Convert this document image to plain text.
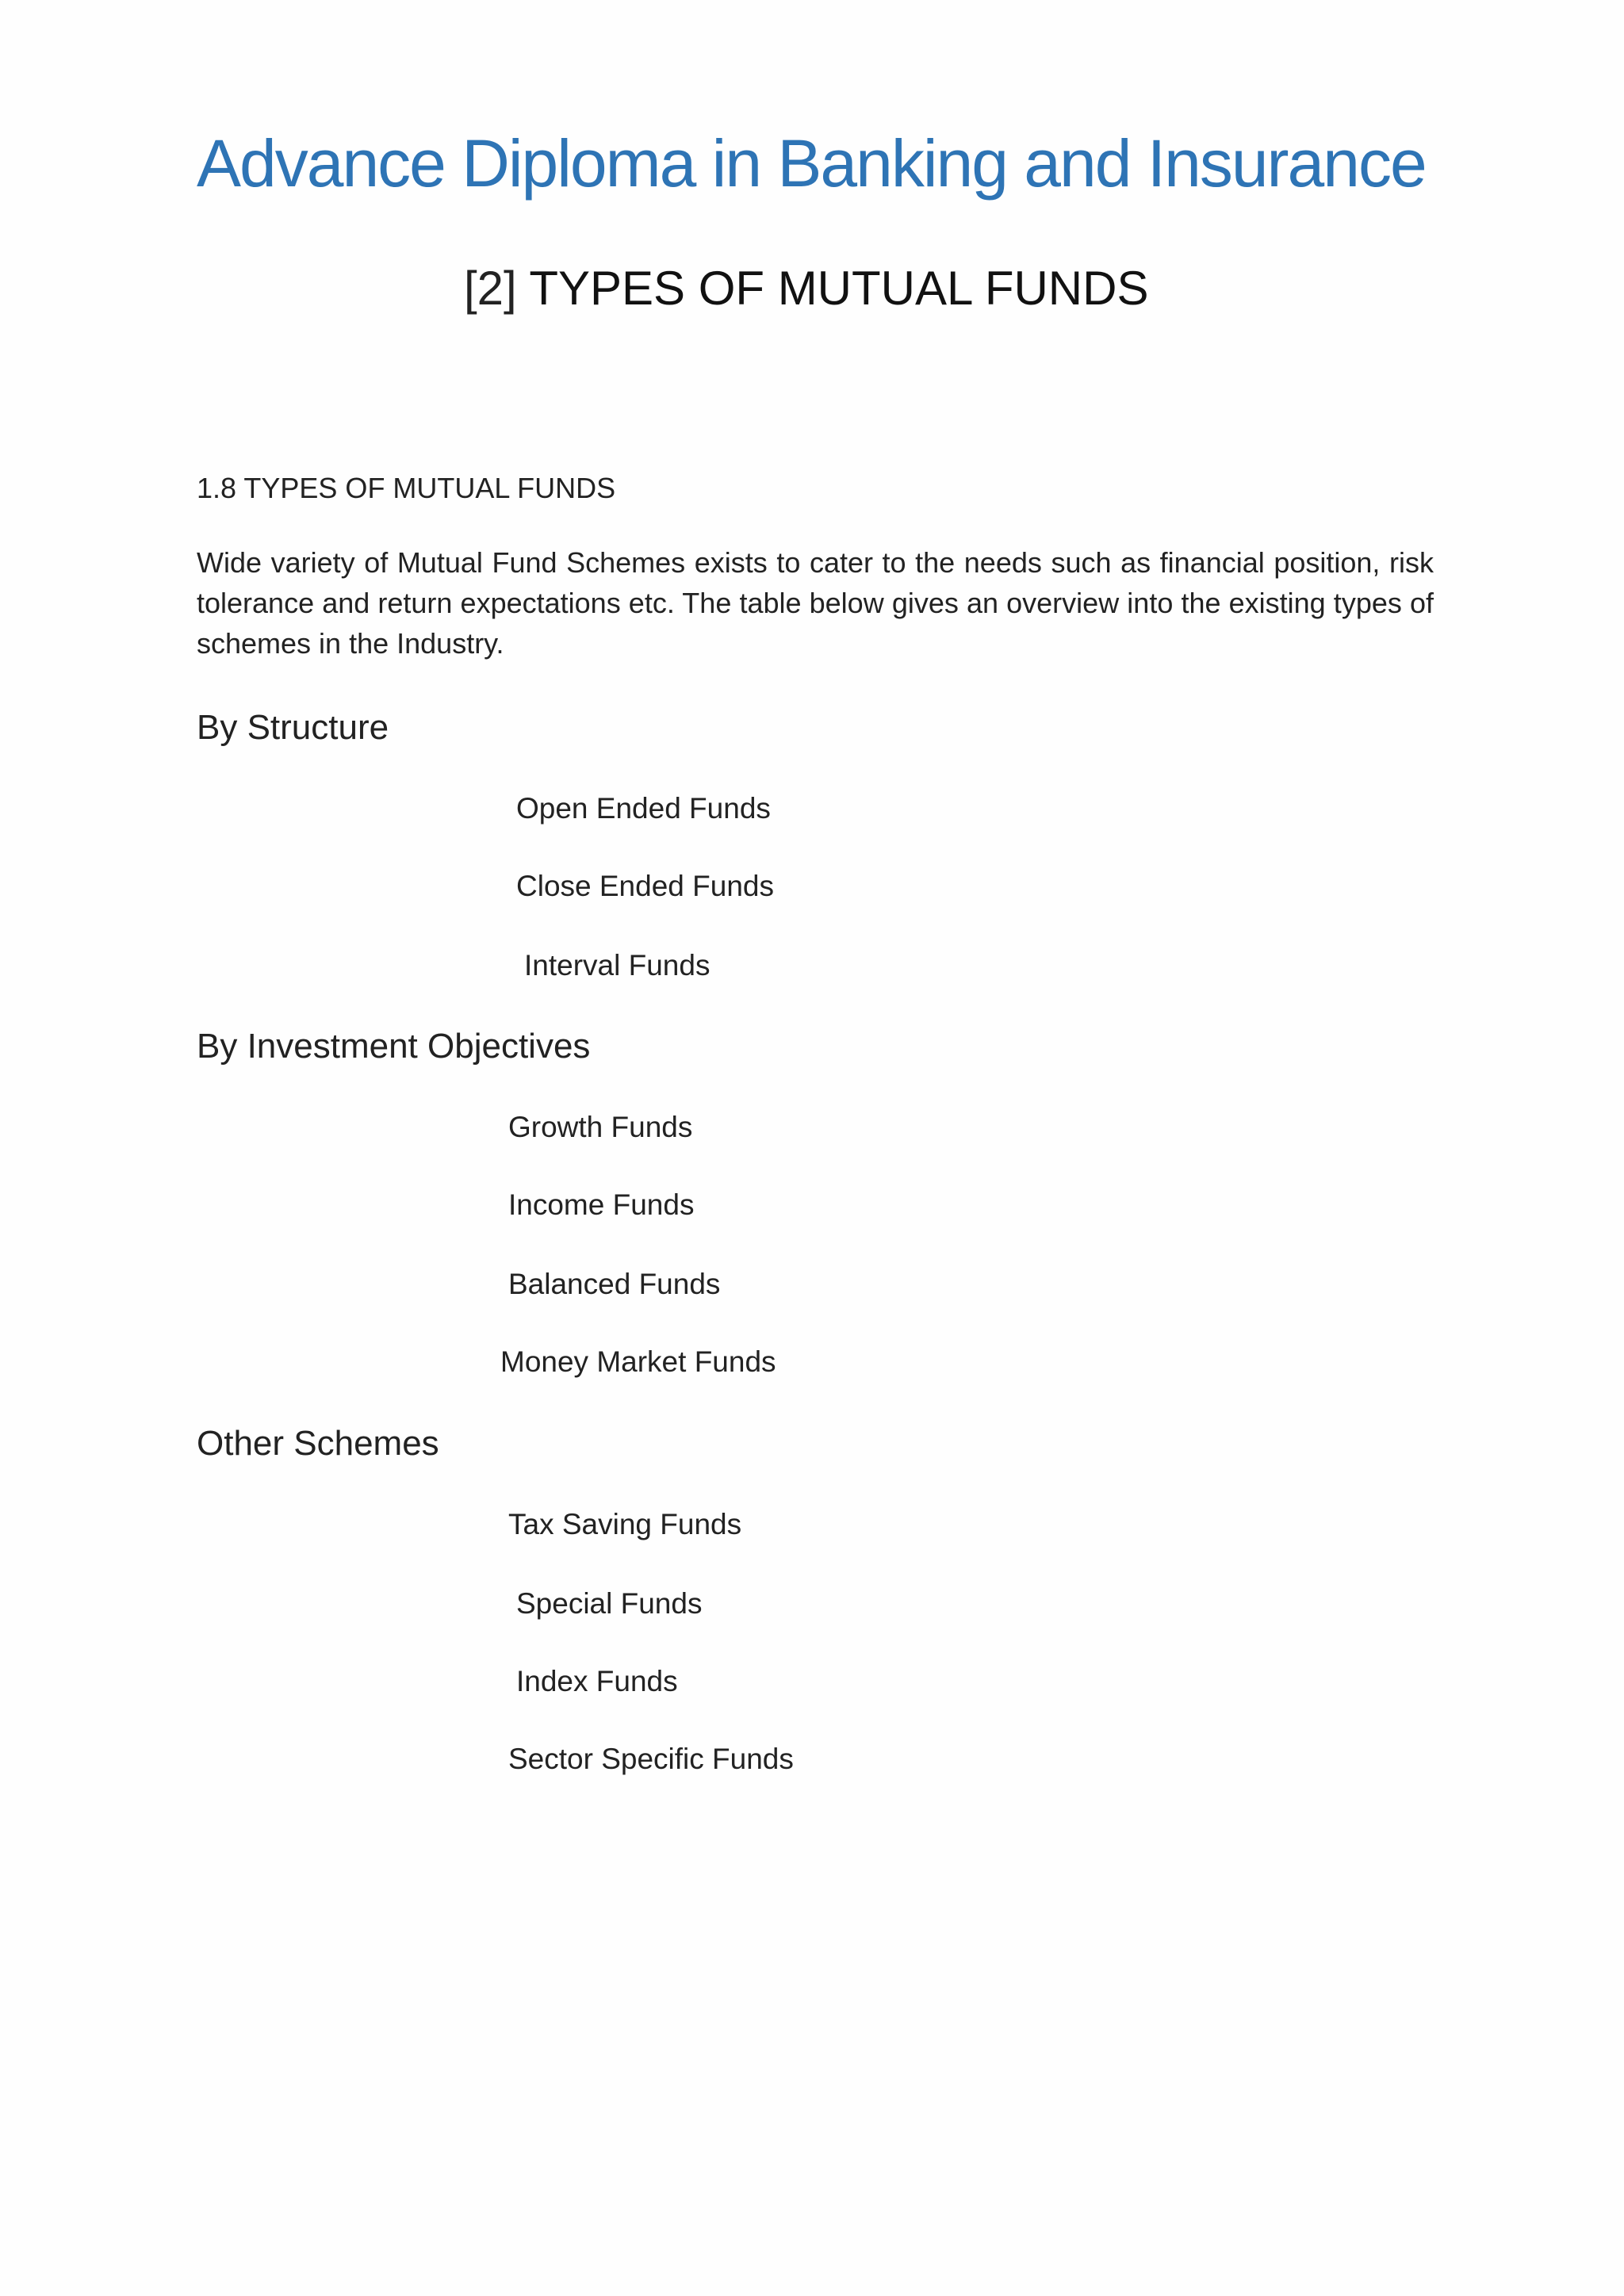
Advance Diploma in Banking and Insurance
[2] TYPES OF MUTUAL FUNDS

1.8 TYPES OF MUTUAL FUNDS

Wide variety of Mutual Fund Schemes exists to cater to the needs such as financial position, risk tolerance and return expectations etc. The table below gives an overview into the existing types of schemes in the Industry.

By Structure

Open Ended Funds

Close Ended Funds

Interval Funds

By Investment Objectives

Growth Funds

Income Funds

Balanced Funds

Money Market Funds

Other Schemes

Tax Saving Funds

Special Funds

Index Funds

Sector Specific Funds
